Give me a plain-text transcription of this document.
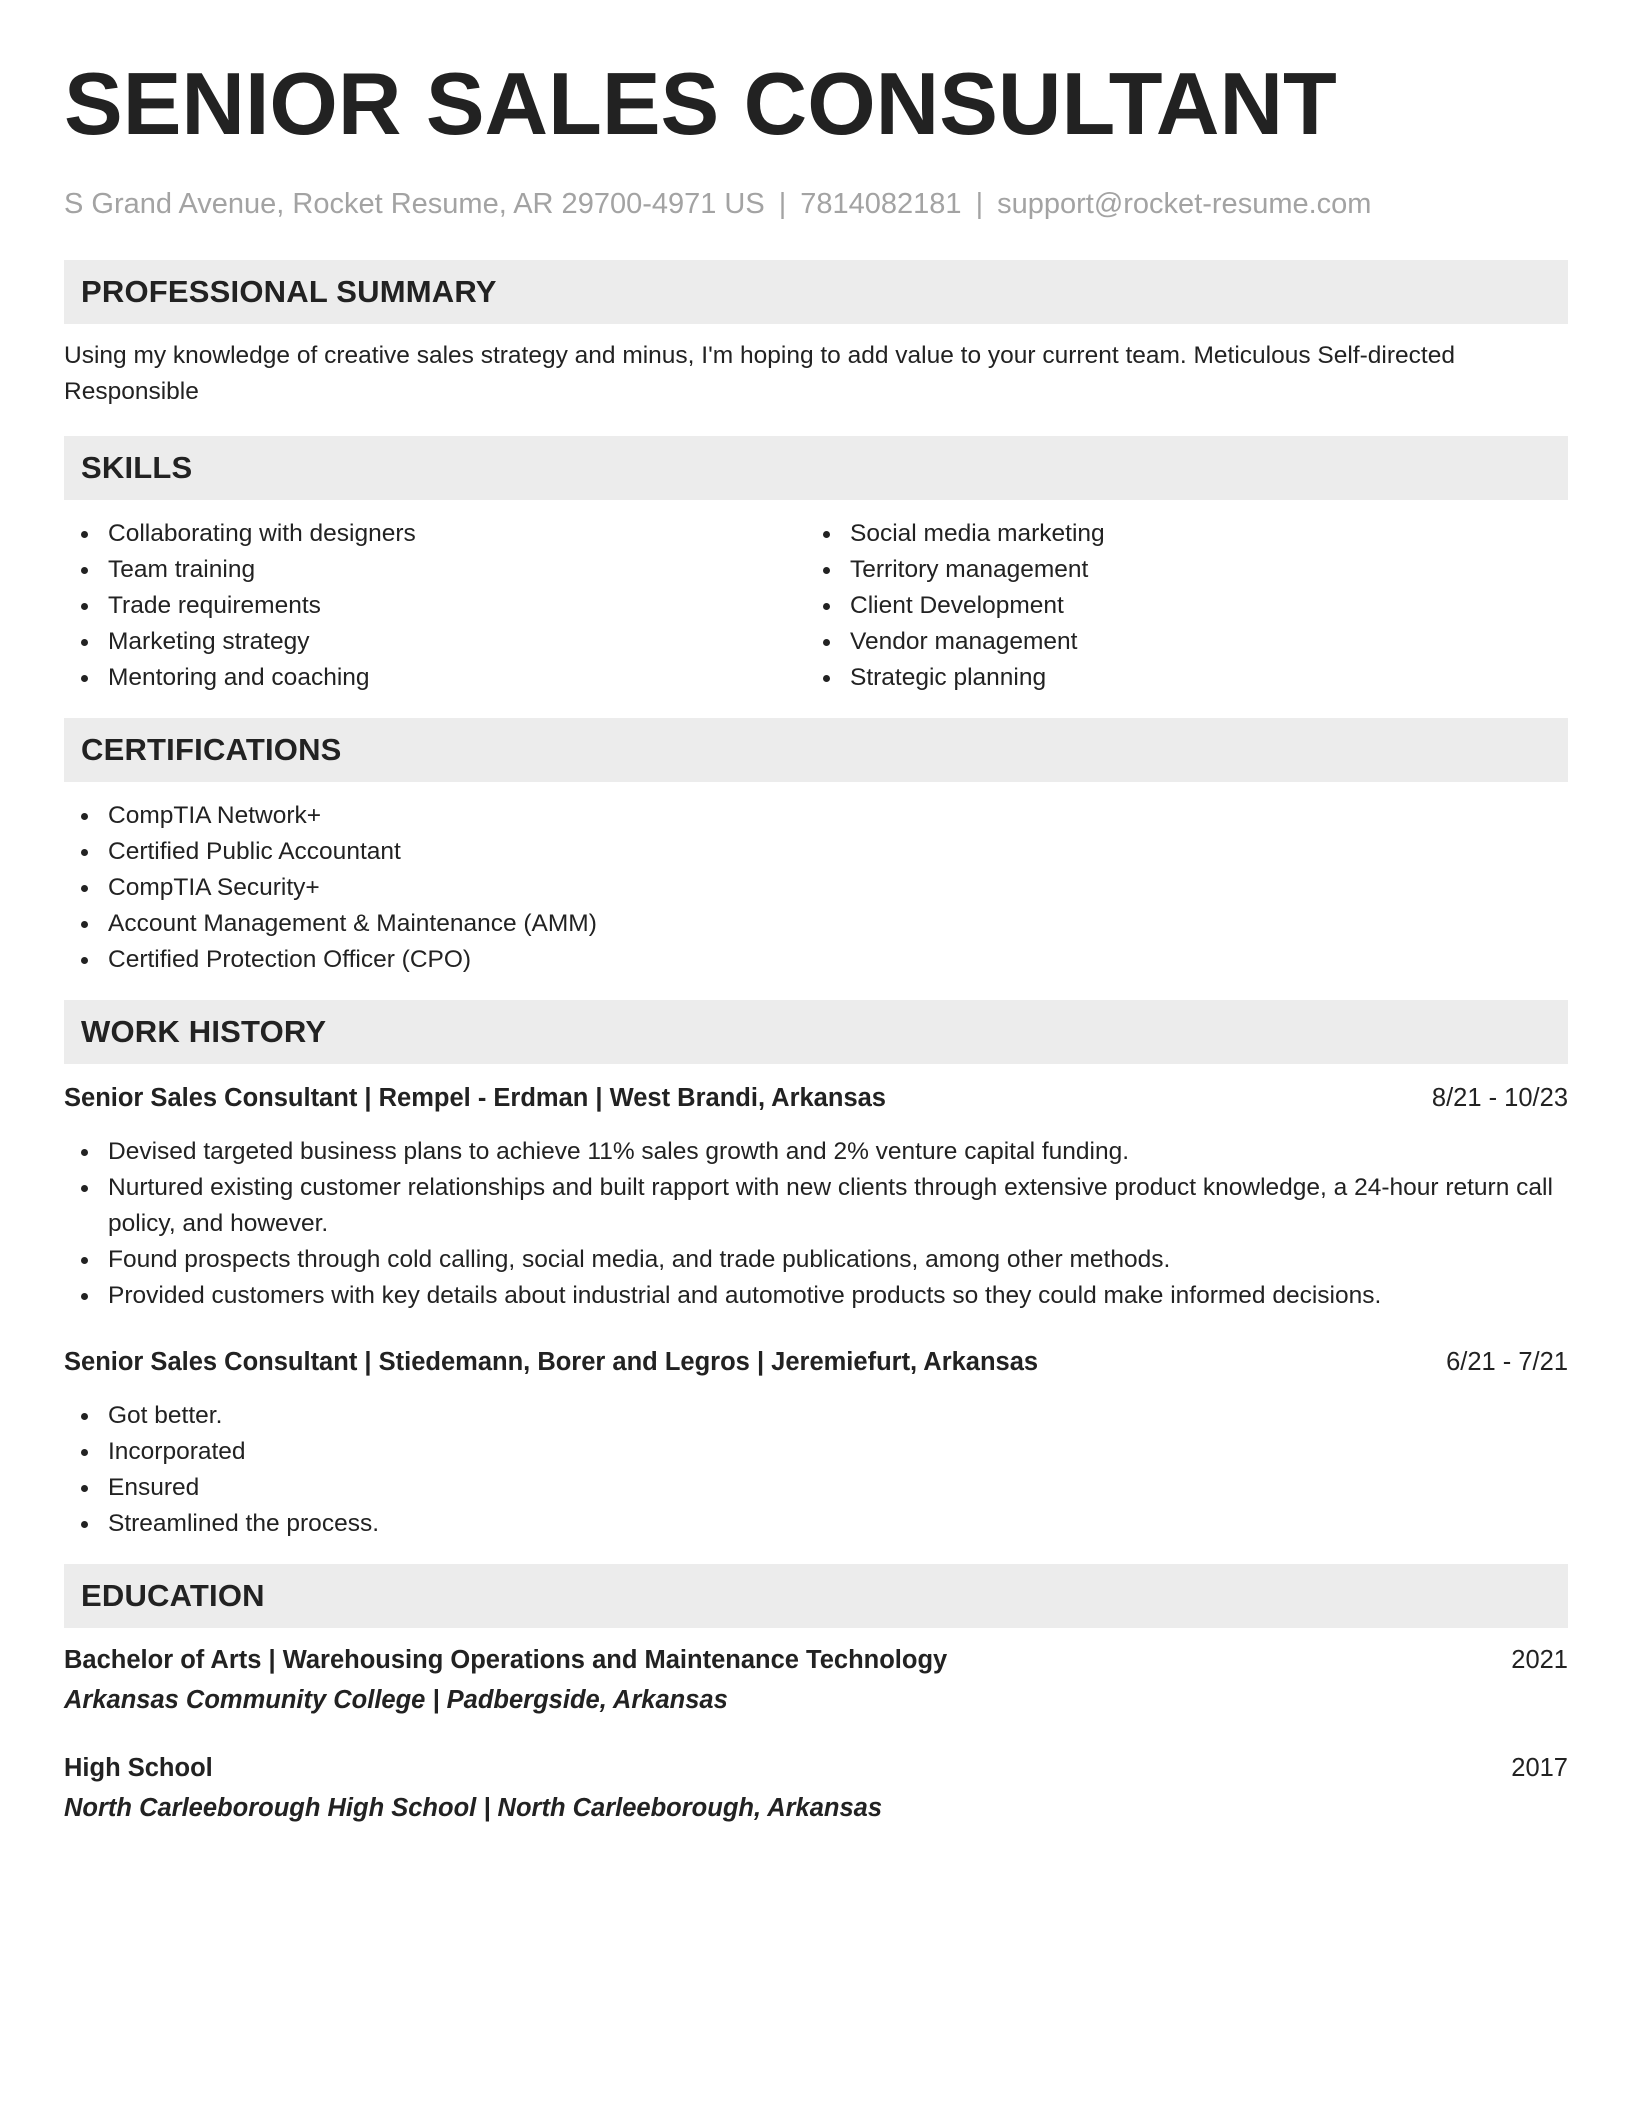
SENIOR SALES CONSULTANT
S Grand Avenue, Rocket Resume, AR 29700-4971 US | 7814082181 | support@rocket-resume.com
PROFESSIONAL SUMMARY
Using my knowledge of creative sales strategy and minus, I'm hoping to add value to your current team. Meticulous Self-directed Responsible
SKILLS
Collaborating with designers
Team training
Trade requirements
Marketing strategy
Mentoring and coaching
Social media marketing
Territory management
Client Development
Vendor management
Strategic planning
CERTIFICATIONS
CompTIA Network+
Certified Public Accountant
CompTIA Security+
Account Management & Maintenance (AMM)
Certified Protection Officer (CPO)
WORK HISTORY
Senior Sales Consultant | Rempel - Erdman | West Brandi, Arkansas	8/21 - 10/23
Devised targeted business plans to achieve 11% sales growth and 2% venture capital funding.
Nurtured existing customer relationships and built rapport with new clients through extensive product knowledge, a 24-hour return call policy, and however.
Found prospects through cold calling, social media, and trade publications, among other methods.
Provided customers with key details about industrial and automotive products so they could make informed decisions.
Senior Sales Consultant | Stiedemann, Borer and Legros | Jeremiefurt, Arkansas	6/21 - 7/21
Got better.
Incorporated
Ensured
Streamlined the process.
EDUCATION
Bachelor of Arts | Warehousing Operations and Maintenance Technology	2021
Arkansas Community College | Padbergside, Arkansas
High School	2017
North Carleeborough High School | North Carleeborough, Arkansas
